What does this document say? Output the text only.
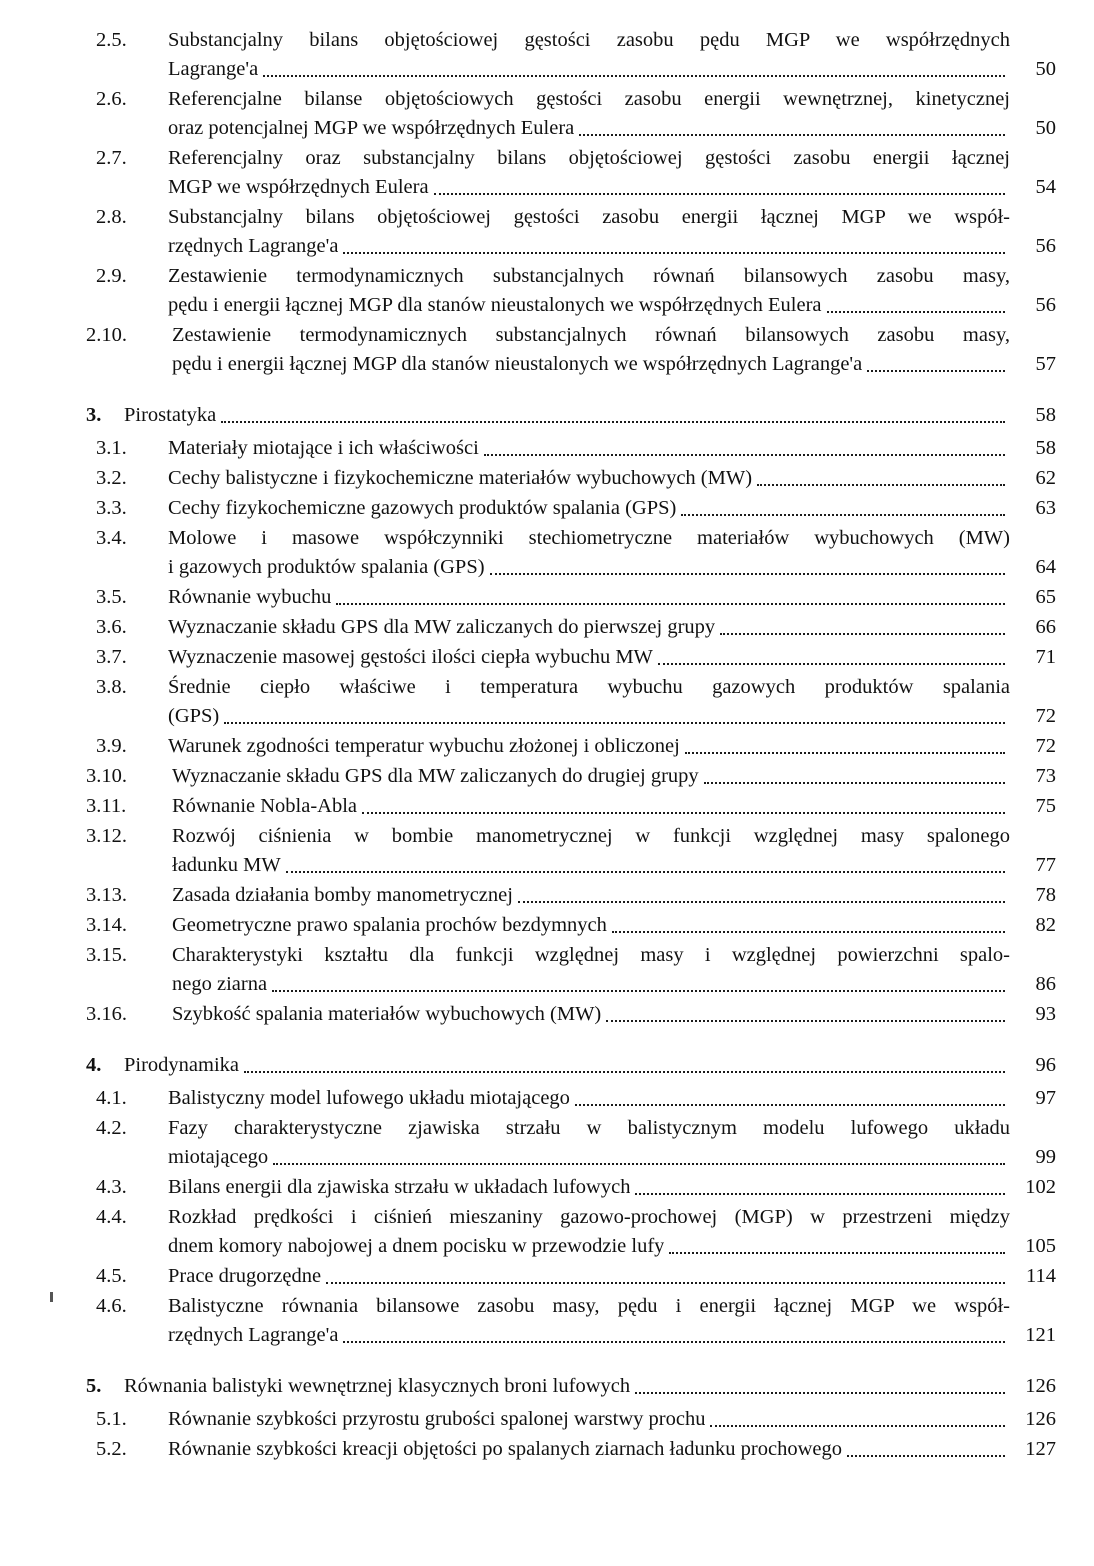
2.5.	Substancjalny bilans objętościowej gęstości zasobu pędu MGP we współrzędnych
Lagrange'a	50
2.6.	Referencjalne bilanse objętościowych gęstości zasobu energii wewnętrznej, kinetycznej
oraz potencjalnej MGP we współrzędnych Eulera	50
2.7.	Referencjalny oraz substancjalny bilans objętościowej gęstości zasobu energii łącznej
MGP we współrzędnych Eulera	54
2.8.	Substancjalny bilans objętościowej gęstości zasobu energii łącznej MGP we współ-
rzędnych Lagrange'a	56
2.9.	Zestawienie termodynamicznych substancjalnych równań bilansowych zasobu masy,
pędu i energii łącznej MGP dla stanów nieustalonych we współrzędnych Eulera	56
2.10.	Zestawienie termodynamicznych substancjalnych równań bilansowych zasobu masy,
pędu i energii łącznej MGP dla stanów nieustalonych we współrzędnych Lagrange'a	57
3.	Pirostatyka	58
3.1.	Materiały miotające i ich właściwości	58
3.2.	Cechy balistyczne i fizykochemiczne materiałów wybuchowych (MW)	62
3.3.	Cechy fizykochemiczne gazowych produktów spalania (GPS)	63
3.4.	Molowe i masowe współczynniki stechiometryczne materiałów wybuchowych (MW)
i gazowych produktów spalania (GPS)	64
3.5.	Równanie wybuchu	65
3.6.	Wyznaczanie składu GPS dla MW zaliczanych do pierwszej grupy	66
3.7.	Wyznaczenie masowej gęstości ilości ciepła wybuchu MW	71
3.8.	Średnie ciepło właściwe i temperatura wybuchu gazowych produktów spalania
(GPS)	72
3.9.	Warunek zgodności temperatur wybuchu złożonej i obliczonej	72
3.10.	Wyznaczanie składu GPS dla MW zaliczanych do drugiej grupy	73
3.11.	Równanie Nobla-Abla	75
3.12.	Rozwój ciśnienia w bombie manometrycznej w funkcji względnej masy spalonego
ładunku MW	77
3.13.	Zasada działania bomby manometrycznej	78
3.14.	Geometryczne prawo spalania prochów bezdymnych	82
3.15.	Charakterystyki kształtu dla funkcji względnej masy i względnej powierzchni spalo-
nego ziarna	86
3.16.	Szybkość spalania materiałów wybuchowych (MW)	93
4.	Pirodynamika	96
4.1.	Balistyczny model lufowego układu miotającego	97
4.2.	Fazy charakterystyczne zjawiska strzału w balistycznym modelu lufowego układu
miotającego	99
4.3.	Bilans energii dla zjawiska strzału w układach lufowych	102
4.4.	Rozkład prędkości i ciśnień mieszaniny gazowo-prochowej (MGP) w przestrzeni między
dnem komory nabojowej a dnem pocisku w przewodzie lufy	105
4.5.	Prace drugorzędne	114
4.6.	Balistyczne równania bilansowe zasobu masy, pędu i energii łącznej MGP we współ-
rzędnych Lagrange'a	121
5.	Równania balistyki wewnętrznej klasycznych broni lufowych	126
5.1.	Równanie szybkości przyrostu grubości spalonej warstwy prochu	126
5.2.	Równanie szybkości kreacji objętości po spalanych ziarnach ładunku prochowego	127
